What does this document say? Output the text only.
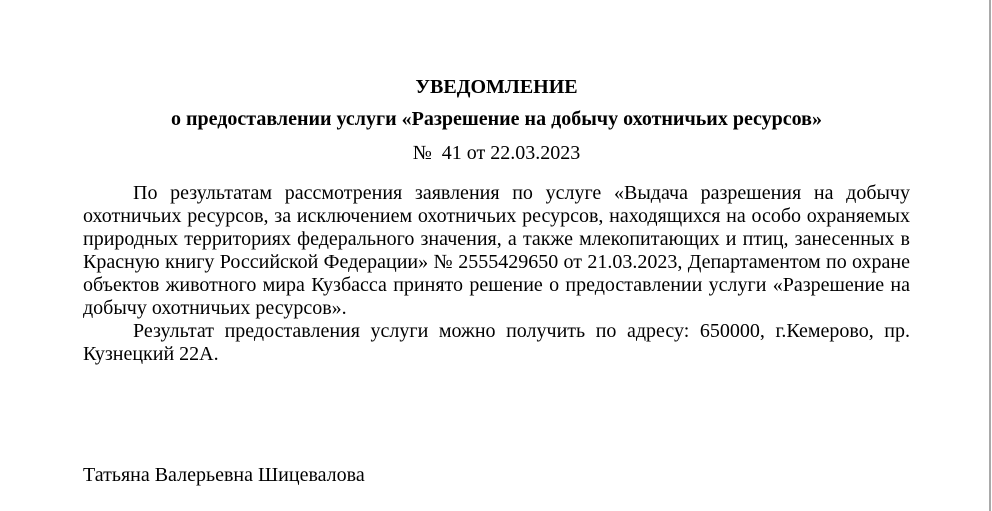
УВЕДОМЛЕНИЕ
о предоставлении услуги «Разрешение на добычу охотничьих ресурсов»
№  41 от 22.03.2023

По результатам рассмотрения заявления по услуге «Выдача разрешения на добычу охотничьих ресурсов, за исключением охотничьих ресурсов, находящихся на особо охраняемых природных территориях федерального значения, а также млекопитающих и птиц, занесенных в Красную книгу Российской Федерации» № 2555429650 от 21.03.2023, Департаментом по охране объектов животного мира Кузбасса принято решение о предоставлении услуги «Разрешение на добычу охотничьих ресурсов».

Результат предоставления услуги можно получить по адресу: 650000, г.Кемерово, пр. Кузнецкий 22А.

Татьяна Валерьевна Шицевалова
